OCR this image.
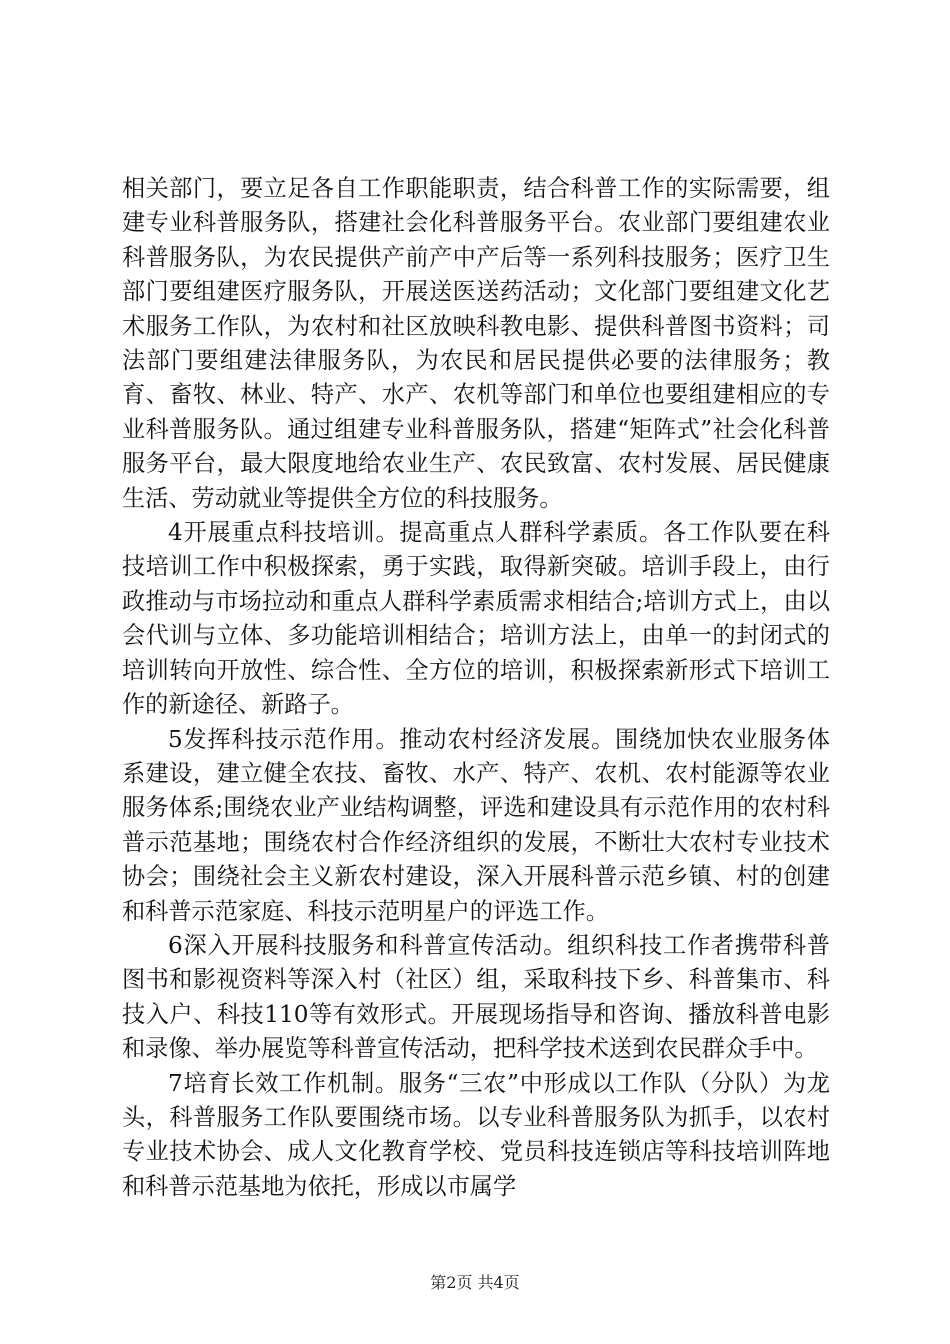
相关部门，要立足各自工作职能职责，结合科普工作的实际需要，组建专业科普服务队，搭建社会化科普服务平台。农业部门要组建农业科普服务队，为农民提供产前产中产后等一系列科技服务；医疗卫生部门要组建医疗服务队，开展送医送药活动；文化部门要组建文化艺术服务工作队，为农村和社区放映科教电影、提供科普图书资料；司法部门要组建法律服务队，为农民和居民提供必要的法律服务；教育、畜牧、林业、特产、水产、农机等部门和单位也要组建相应的专业科普服务队。通过组建专业科普服务队，搭建“矩阵式”社会化科普服务平台，最大限度地给农业生产、农民致富、农村发展、居民健康生活、劳动就业等提供全方位的科技服务。

4开展重点科技培训。提高重点人群科学素质。各工作队要在科技培训工作中积极探索，勇于实践，取得新突破。培训手段上，由行政推动与市场拉动和重点人群科学素质需求相结合;培训方式上，由以会代训与立体、多功能培训相结合；培训方法上，由单一的封闭式的培训转向开放性、综合性、全方位的培训，积极探索新形式下培训工作的新途径、新路子。

5发挥科技示范作用。推动农村经济发展。围绕加快农业服务体系建设，建立健全农技、畜牧、水产、特产、农机、农村能源等农业服务体系;围绕农业产业结构调整，评选和建设具有示范作用的农村科普示范基地；围绕农村合作经济组织的发展，不断壮大农村专业技术协会；围绕社会主义新农村建设，深入开展科普示范乡镇、村的创建和科普示范家庭、科技示范明星户的评选工作。

6深入开展科技服务和科普宣传活动。组织科技工作者携带科普图书和影视资料等深入村（社区）组，采取科技下乡、科普集市、科技入户、科技110等有效形式。开展现场指导和咨询、播放科普电影和录像、举办展览等科普宣传活动，把科学技术送到农民群众手中。

7培育长效工作机制。服务“三农”中形成以工作队（分队）为龙头，科普服务工作队要围绕市场。以专业科普服务队为抓手，以农村专业技术协会、成人文化教育学校、党员科技连锁店等科技培训阵地和科普示范基地为依托，形成以市属学

第2页 共4页
